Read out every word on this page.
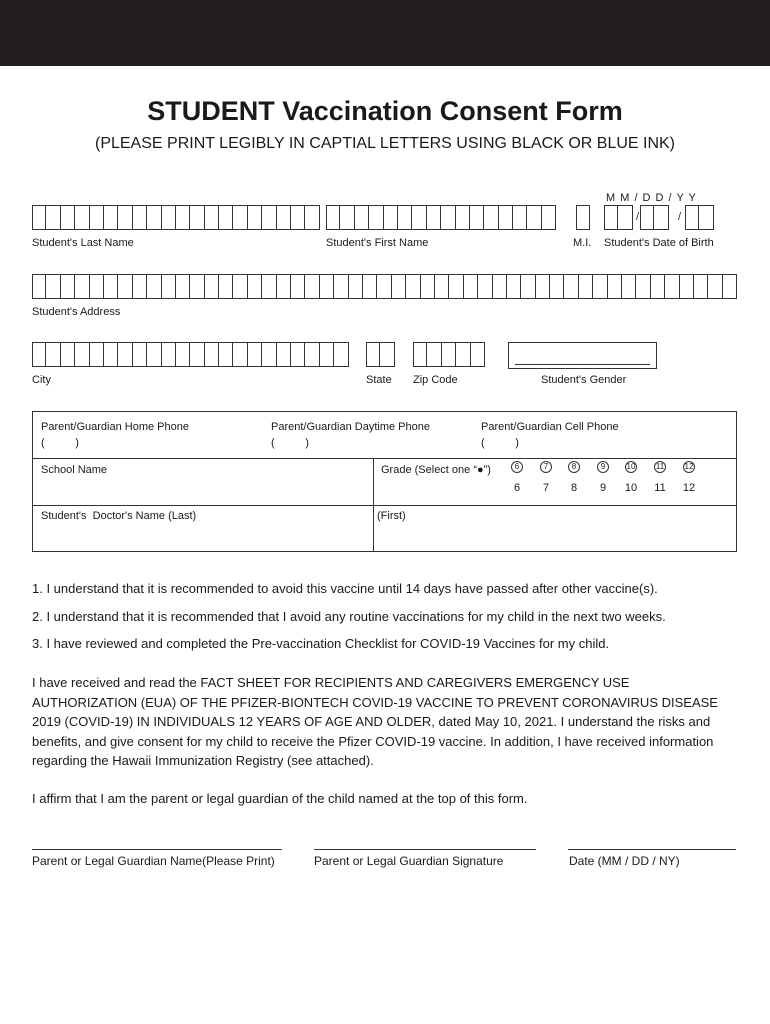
STUDENT Vaccination Consent Form
(PLEASE PRINT LEGIBLY IN CAPTIAL LETTERS USING BLACK OR BLUE INK)
/	/
M M / D D / Y Y
Student's Last Name	Student's First Name	M.I. Student's Date of Birth
Student's Address
City	State Zip Code	Student's Gender
Parent/Guardian Home Phone
(          )
Parent/Guardian Daytime Phone
(          )
Parent/Guardian Cell Phone
(          )
School Name	Grade (Select one “●”)	6	7	8	9	10	11	12
6	7	8	9	10	11	12
Student's  Doctor's Name (Last)	(First)
1. I understand that it is recommended to avoid this vaccine until 14 days have passed after other vaccine(s).
2. I understand that it is recommended that I avoid any routine vaccinations for my child in the next two weeks.
3. I have reviewed and completed the Pre-vaccination Checklist for COVID-19 Vaccines for my child.
I have received and read the FACT SHEET FOR RECIPIENTS AND CAREGIVERS EMERGENCY USE AUTHORIZATION (EUA) OF THE PFIZER-BIONTECH COVID-19 VACCINE TO PREVENT CORONAVIRUS DISEASE 2019 (COVID-19) IN INDIVIDUALS 12 YEARS OF AGE AND OLDER, dated May 10, 2021. I understand the risks and benefits, and give consent for my child to receive the Pfizer COVID-19 vaccine. In addition, I have received information regarding the Hawaii Immunization Registry (see attached).
I affirm that I am the parent or legal guardian of the child named at the top of this form.
Parent or Legal Guardian Name(Please Print)	Parent or Legal Guardian Signature	Date (MM / DD / NY)
